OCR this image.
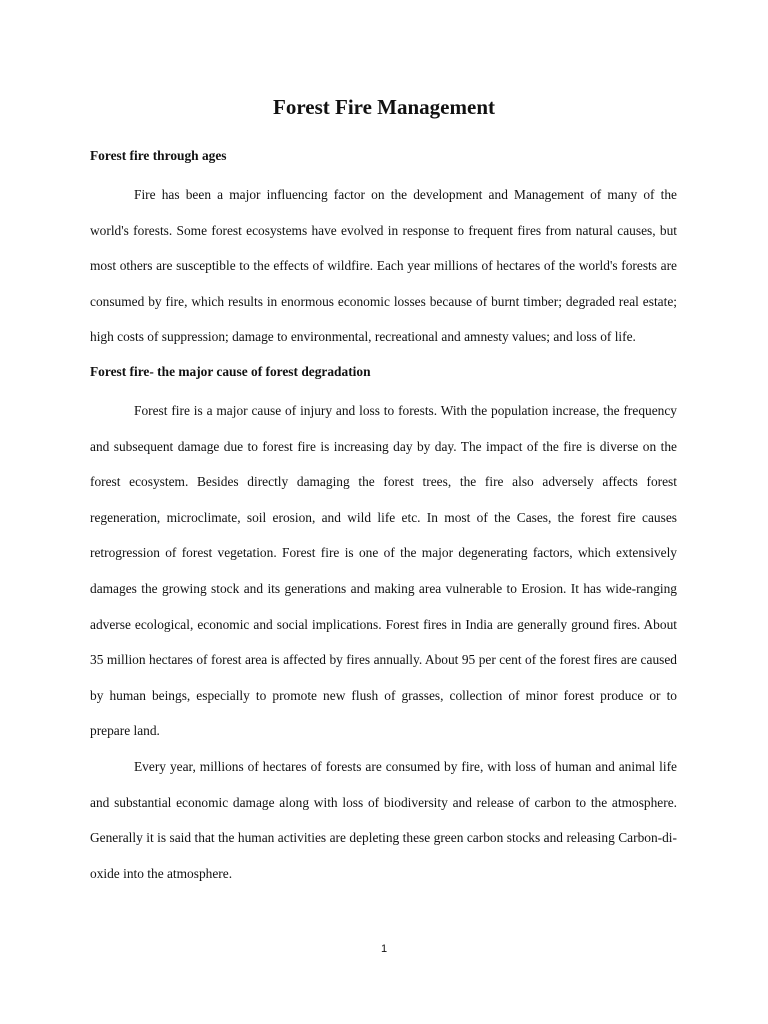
Forest Fire Management
Forest fire through ages

Fire has been a major influencing factor on the development and Management of many of the world's forests. Some forest ecosystems have evolved in response to frequent fires from natural causes, but most others are susceptible to the effects of wildfire. Each year millions of hectares of the world's forests are consumed by fire, which results in enormous economic losses because of burnt timber; degraded real estate; high costs of suppression; damage to environmental, recreational and amnesty values; and loss of life.

Forest fire- the major cause of forest degradation

Forest fire is a major cause of injury and loss to forests. With the population increase, the frequency and subsequent damage due to forest fire is increasing day by day. The impact of the fire is diverse on the forest ecosystem. Besides directly damaging the forest trees, the fire also adversely affects forest regeneration, microclimate, soil erosion, and wild life etc. In most of the Cases, the forest fire causes retrogression of forest vegetation. Forest fire is one of the major degenerating factors, which extensively damages the growing stock and its generations and making area vulnerable to Erosion. It has wide-ranging adverse ecological, economic and social implications. Forest fires in India are generally ground fires. About 35 million hectares of forest area is affected by fires annually. About 95 per cent of the forest fires are caused by human beings, especially to promote new flush of grasses, collection of minor forest produce or to prepare land.

Every year, millions of hectares of forests are consumed by fire, with loss of human and animal life and substantial economic damage along with loss of biodiversity and release of carbon to the atmosphere. Generally it is said that the human activities are depleting these green carbon stocks and releasing Carbon-di-oxide into the atmosphere.

1
